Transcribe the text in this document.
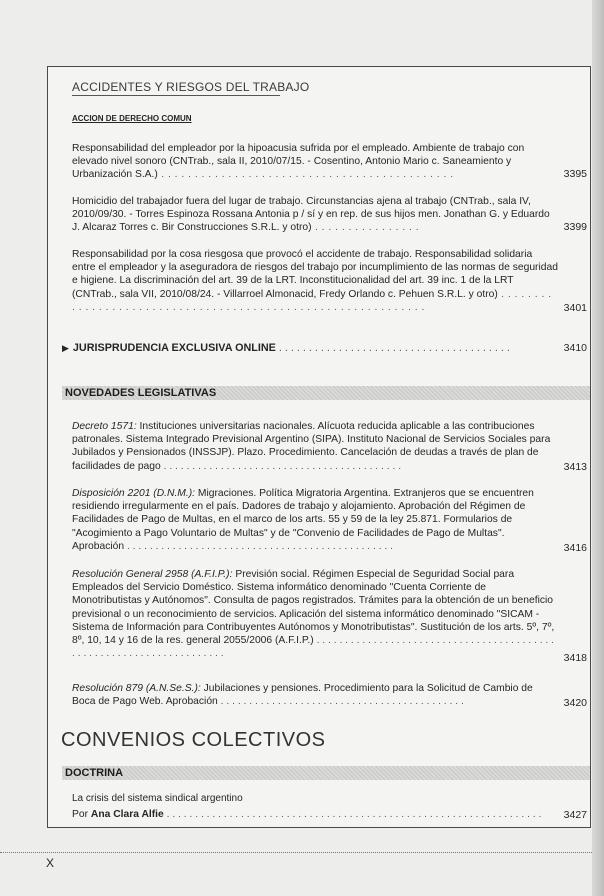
ACCIDENTES Y RIESGOS DEL TRABAJO
ACCION DE DERECHO COMUN
Responsabilidad del empleador por la hipoacusia sufrida por el empleado. Ambiente de trabajo con elevado nivel sonoro (CNTrab., sala II, 2010/07/15. - Cosentino, Antonio Mario c. Saneamiento y Urbanización S.A.) . . . . . . . . . . . . . . . . . . . . . . . . . . . . . . . . . . . . . . . . . . . .	3395
Homicidio del trabajador fuera del lugar de trabajo. Circunstancias ajena al trabajo (CNTrab., sala IV, 2010/09/30. - Torres Espinoza Rossana Antonia p / sí y en rep. de sus hijos men. Jonathan G. y Eduardo J. Alcaraz Torres c. Bir Construcciones S.R.L. y otro) . . . . . . . . . . . . . . . .	3399
Responsabilidad por la cosa riesgosa que provocó el accidente de trabajo. Responsabilidad solidaria entre el empleador y la aseguradora de riesgos del trabajo por incumplimiento de las normas de seguridad e higiene. La discriminación del art. 39 de la LRT. Inconstitucionalidad del art. 39 inc. 1 de la LRT (CNTrab., sala VII, 2010/08/24. - Villarroel Almonacid, Fredy Orlando c. Pehuen S.R.L. y otro) . . . . . . . . . . . . . . . . . . . . . . . . . . . . . . . . . . . . . . . . . . . . . . . . . . . . . . . . . . . . .	3401
▶ JURISPRUDENCIA EXCLUSIVA ONLINE . . . . . . . . . . . . . . . . . . . . . . . . . . . . . . . . . . . . . . .	3410
NOVEDADES LEGISLATIVAS
Decreto 1571: Instituciones universitarias nacionales. Alícuota reducida aplicable a las contribuciones patronales. Sistema Integrado Previsional Argentino (SIPA). Instituto Nacional de Servicios Sociales para Jubilados y Pensionados (INSSJP). Plazo. Procedimiento. Cancelación de deudas a través de plan de facilidades de pago . . . . . . . . . . . . . . . . . . . . . . . . . . . . . . . . . . . . . . . . . .	3413
Disposición 2201 (D.N.M.): Migraciones. Política Migratoria Argentina. Extranjeros que se encuentren residiendo irregularmente en el país. Dadores de trabajo y alojamiento. Aprobación del Régimen de Facilidades de Pago de Multas, en el marco de los arts. 55 y 59 de la ley 25.871. Formularios de "Acogimiento a Pago Voluntario de Multas" y de "Convenio de Facilidades de Pago de Multas". Aprobación . . . . . . . . . . . . . . . . . . . . . . . . . . . . . . . . . . . . . . . . . . . . . . .	3416
Resolución General 2958 (A.F.I.P.): Previsión social. Régimen Especial de Seguridad Social para Empleados del Servicio Doméstico. Sistema informático denominado "Cuenta Corriente de Monotributistas y Autónomos". Consulta de pagos registrados. Trámites para la obtención de un beneficio previsional o un reconocimiento de servicios. Aplicación del sistema informático denominado "SICAM - Sistema de Información para Contribuyentes Autónomos y Monotributistas". Sustitución de los arts. 5º, 7º, 8º, 10, 14 y 16 de la res. general 2055/2006 (A.F.I.P.) . . . . . . . . . . . . . . . . . . . . . . . . . . . . . . . . . . . . . . . . . . . . . . . . . . . . . . . . . . . . . . . . . . . . .	3418
Resolución 879 (A.N.Se.S.): Jubilaciones y pensiones. Procedimiento para la Solicitud de Cambio de Boca de Pago Web. Aprobación . . . . . . . . . . . . . . . . . . . . . . . . . . . . . . . . . . . . . . . . . . .	3420
CONVENIOS COLECTIVOS
DOCTRINA
La crisis del sistema sindical argentino
Por Ana Clara Alfie . . . . . . . . . . . . . . . . . . . . . . . . . . . . . . . . . . . . . . . . . . . . . . . . . . . . . . . . . . . . . . . . . .	3427
X
